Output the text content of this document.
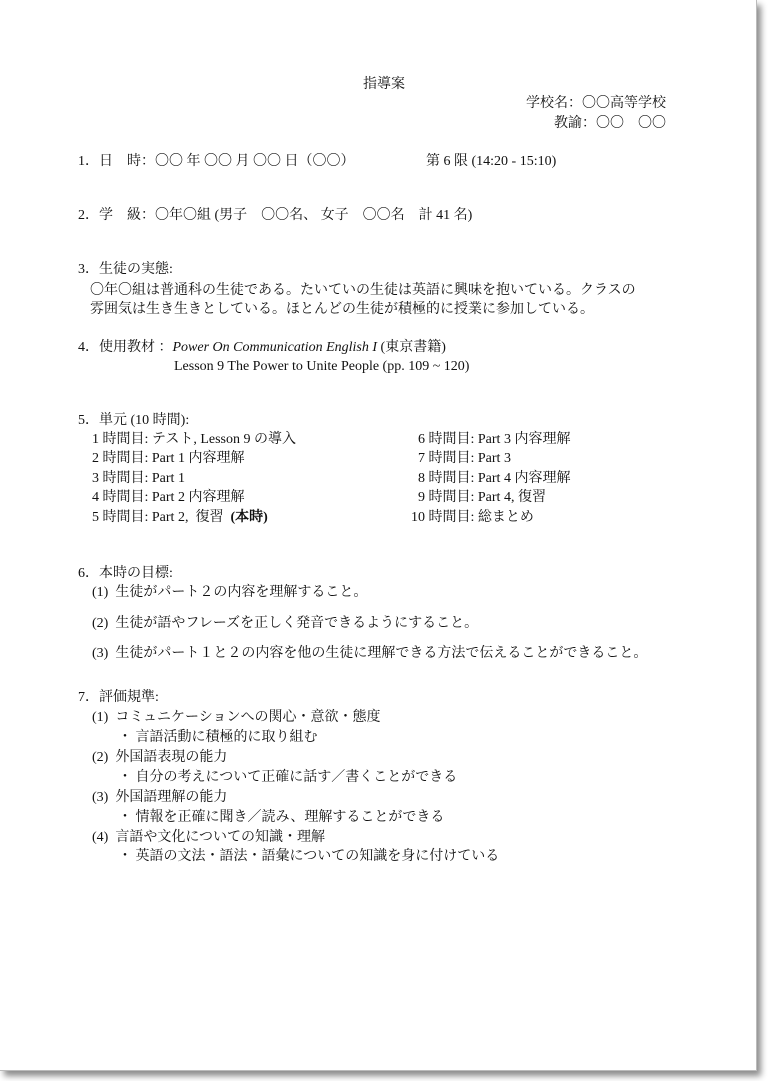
指導案
学校名：〇〇高等学校
教諭：〇〇　〇〇
1．日　時：〇〇 年 〇〇 月 〇〇 日（〇〇）	第 6 限 (14:20 - 15:10)
2．学　級：〇年〇組 (男子　〇〇名、 女子　〇〇名　計 41 名)
3．生徒の実態:
〇年〇組は普通科の生徒である。たいていの生徒は英語に興味を抱いている。クラスの
雰囲気は生き生きとしている。ほとんどの生徒が積極的に授業に参加している。
4．使用教材 ：Power On Communication English I (東京書籍)
Lesson 9 The Power to Unite People (pp. 109 ~ 120)
5．単元 (10 時間):
1 時間目: テスト, Lesson 9 の導入
2 時間目: Part 1 内容理解
3 時間目: Part 1
4 時間目: Part 2 内容理解
5 時間目: Part 2,  復習  (本時)
6 時間目: Part 3 内容理解
7 時間目: Part 3
8 時間目: Part 4 内容理解
9 時間目: Part 4, 復習
10 時間目: 総まとめ
6．本時の目標:
(1)  生徒がパート２の内容を理解すること。
(2)  生徒が語やフレーズを正しく発音できるようにすること。
(3)  生徒がパート１と２の内容を他の生徒に理解できる方法で伝えることができること。
7．評価規準:
(1)  コミュニケーションへの関心・意欲・態度
・ 言語活動に積極的に取り組む
(2)  外国語表現の能力
・ 自分の考えについて正確に話す／書くことができる
(3)  外国語理解の能力
・ 情報を正確に聞き／読み、理解することができる
(4)  言語や文化についての知識・理解
・ 英語の文法・語法・語彙についての知識を身に付けている
